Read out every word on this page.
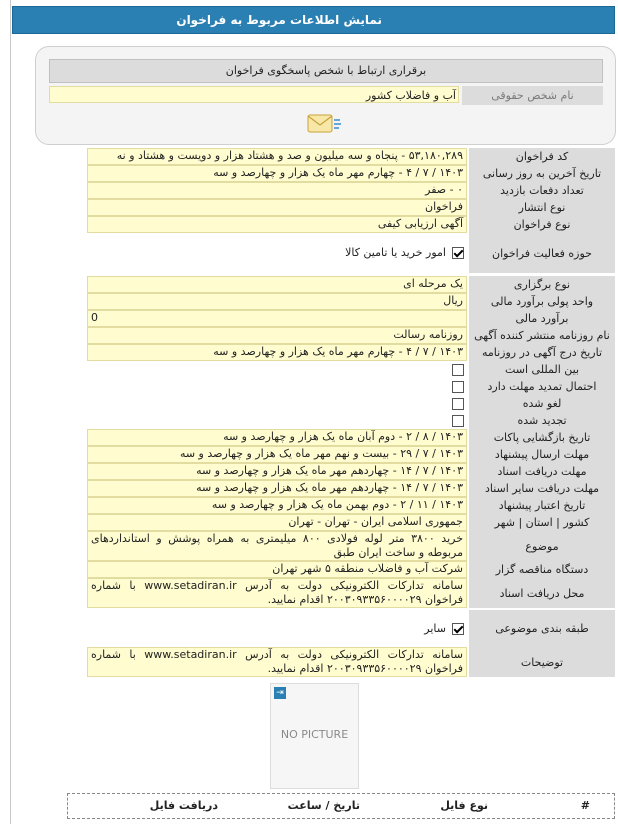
نمایش اطلاعات مربوط به فراخوان
برقراری ارتباط با شخص پاسخگوی فراخوان
نام شخص حقوقی
آب و فاضلاب کشور
کد فراخوان
۵۳,۱۸۰,۲۸۹ - پنجاه و سه میلیون و صد و هشتاد هزار و دویست و هشتاد و نه
تاریخ آخرین به روز رسانی
۱۴۰۳ / ۷ / ۴ - چهارم مهر ماه یک هزار و چهارصد و سه
تعداد دفعات بازدید
۰ - صفر
نوع انتشار
فراخوان
نوع فراخوان
آگهی ارزیابی کیفی
حوزه فعالیت فراخوان
امور خرید یا تامین کالا
نوع برگزاری
یک مرحله ای
واحد پولی برآورد مالی
ریال
برآورد مالی
0
نام روزنامه منتشر کننده آگهی
روزنامه رسالت
تاریخ درج آگهی در روزنامه
۱۴۰۳ / ۷ / ۴ - چهارم مهر ماه یک هزار و چهارصد و سه
بین المللی است
احتمال تمدید مهلت دارد
لغو شده
تجدید شده
تاریخ بازگشایی پاکات
۱۴۰۳ / ۸ / ۲ - دوم آبان ماه یک هزار و چهارصد و سه
مهلت ارسال پیشنهاد
۱۴۰۳ / ۷ / ۲۹ - بیست و نهم مهر ماه یک هزار و چهارصد و سه
مهلت دریافت اسناد
۱۴۰۳ / ۷ / ۱۴ - چهاردهم مهر ماه یک هزار و چهارصد و سه
مهلت دریافت سایر اسناد
۱۴۰۳ / ۷ / ۱۴ - چهاردهم مهر ماه یک هزار و چهارصد و سه
تاریخ اعتبار پیشنهاد
۱۴۰۳ / ۱۱ / ۲ - دوم بهمن ماه یک هزار و چهارصد و سه
کشور | استان | شهر
جمهوری اسلامی ایران - تهران - تهران
موضوع
خرید ۳۸۰۰ متر لوله فولادی ۸۰۰ میلیمتری به همراه پوشش و استانداردهای مربوطه و ساخت ایران طبق
دستگاه مناقصه گزار
شرکت آب و فاضلاب منطقه ۵ شهر تهران
محل دریافت اسناد
سامانه تدارکات الکترونیکی دولت به آدرس www.setadiran.ir با شماره فراخوان ۲۰۰۳۰۹۳۳۵۶۰۰۰۰۲۹ اقدام نمایید.
طبقه بندی موضوعی
سایر
توضیحات
سامانه تدارکات الکترونیکی دولت به آدرس www.setadiran.ir با شماره فراخوان ۲۰۰۳۰۹۳۳۵۶۰۰۰۰۲۹ اقدام نمایید.
⇥
NO PICTURE
#
نوع فایل
تاریخ / ساعت
دریافت فایل
